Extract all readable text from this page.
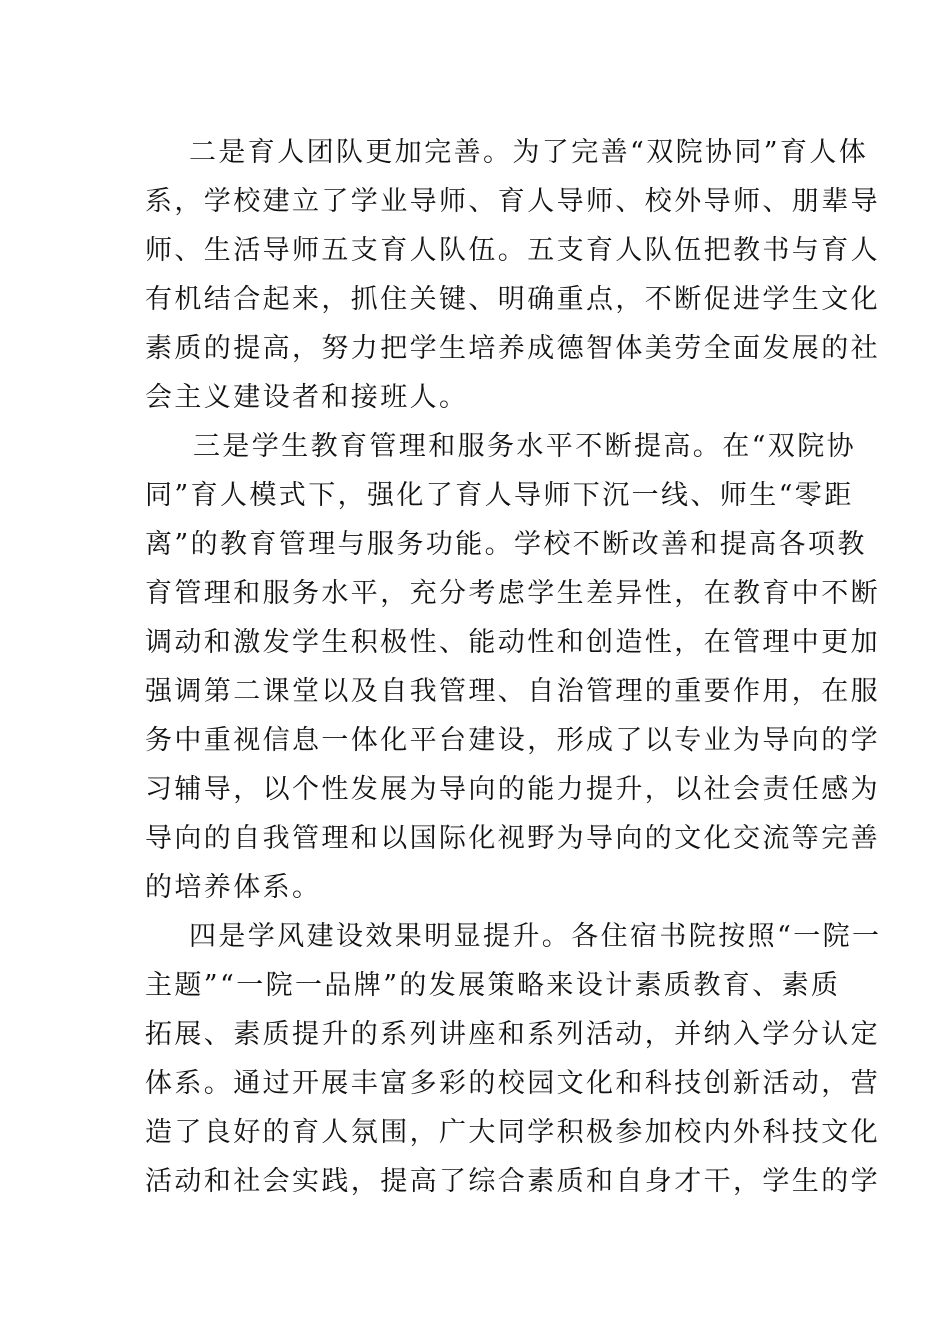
二是育人团队更加完善。为了完善“双院协同”育人体
系，学校建立了学业导师、育人导师、校外导师、朋辈导
师、生活导师五支育人队伍。五支育人队伍把教书与育人
有机结合起来，抓住关键、明确重点，不断促进学生文化
素质的提高，努力把学生培养成德智体美劳全面发展的社
会主义建设者和接班人。
三是学生教育管理和服务水平不断提高。在“双院协
同”育人模式下，强化了育人导师下沉一线、师生“零距
离”的教育管理与服务功能。学校不断改善和提高各项教
育管理和服务水平，充分考虑学生差异性，在教育中不断
调动和激发学生积极性、能动性和创造性，在管理中更加
强调第二课堂以及自我管理、自治管理的重要作用，在服
务中重视信息一体化平台建设，形成了以专业为导向的学
习辅导，以个性发展为导向的能力提升，以社会责任感为
导向的自我管理和以国际化视野为导向的文化交流等完善
的培养体系。
四是学风建设效果明显提升。各住宿书院按照“一院一
主题”“一院一品牌”的发展策略来设计素质教育、素质
拓展、素质提升的系列讲座和系列活动，并纳入学分认定
体系。通过开展丰富多彩的校园文化和科技创新活动，营
造了良好的育人氛围，广大同学积极参加校内外科技文化
活动和社会实践，提高了综合素质和自身才干，学生的学
